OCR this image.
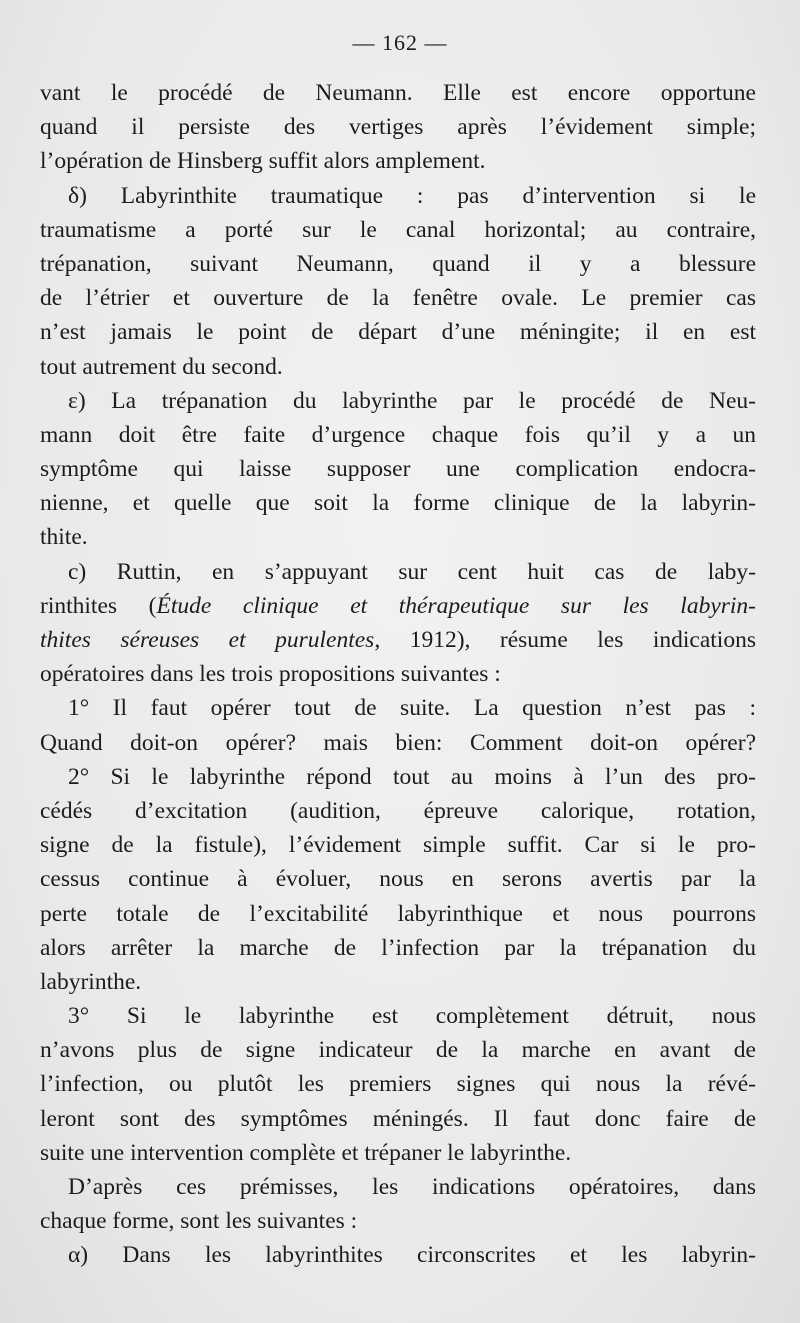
— 162 —
vant le procédé de Neumann. Elle est encore opportune
quand il persiste des vertiges après l’évidement simple;
l’opération de Hinsberg suffit alors amplement.
δ) Labyrinthite traumatique : pas d’intervention si le
traumatisme a porté sur le canal horizontal; au contraire,
trépanation, suivant Neumann, quand il y a blessure
de l’étrier et ouverture de la fenêtre ovale. Le premier cas
n’est jamais le point de départ d’une méningite; il en est
tout autrement du second.
ε) La trépanation du labyrinthe par le procédé de Neu-
mann doit être faite d’urgence chaque fois qu’il y a un
symptôme qui laisse supposer une complication endocra-
nienne, et quelle que soit la forme clinique de la labyrin-
thite.
c) Ruttin, en s’appuyant sur cent huit cas de laby-
rinthites (Étude clinique et thérapeutique sur les labyrin-
thites séreuses et purulentes, 1912), résume les indications
opératoires dans les trois propositions suivantes :
1° Il faut opérer tout de suite. La question n’est pas :
Quand doit-on opérer? mais bien: Comment doit-on opérer?
2° Si le labyrinthe répond tout au moins à l’un des pro-
cédés d’excitation (audition, épreuve calorique, rotation,
signe de la fistule), l’évidement simple suffit. Car si le pro-
cessus continue à évoluer, nous en serons avertis par la
perte totale de l’excitabilité labyrinthique et nous pourrons
alors arrêter la marche de l’infection par la trépanation du
labyrinthe.
3° Si le labyrinthe est complètement détruit, nous
n’avons plus de signe indicateur de la marche en avant de
l’infection, ou plutôt les premiers signes qui nous la révé-
leront sont des symptômes méningés. Il faut donc faire de
suite une intervention complète et trépaner le labyrinthe.
D’après ces prémisses, les indications opératoires, dans
chaque forme, sont les suivantes :
α) Dans les labyrinthites circonscrites et les labyrin-
